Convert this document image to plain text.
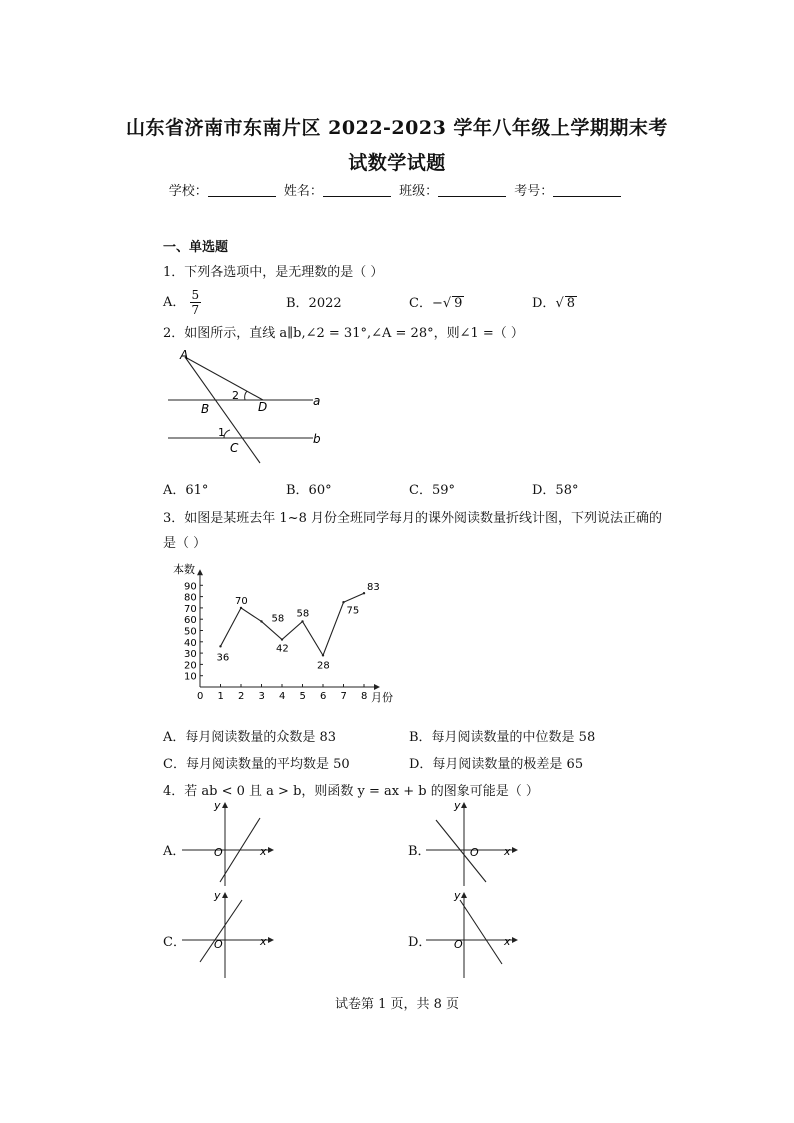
山东省济南市东南片区 2022-2023 学年八年级上学期期末考
试数学试题
学校：	姓名：	班级：	考号：
一、单选题
1．下列各选项中，是无理数的是（ ）
A． $\frac{5}{7}$	B．2022	C．−√ 9	D．√ 8
2．如图所示，直线 a∥b,∠2 = 31°,∠A = 28°，则∠1 =（ ）
A
B
C
D	a
b
2
1
A．61°	B．60°	C．59°	D．58°
3．如图是某班去年 1~8 月份全班同学每月的课外阅读数量折线计图，下列说法正确的
是（ ）
0 1 2 3 4 5 6 7 8
10
20
30
40
50
60
70
80
90
36
70
58
42
58
28
75
83
本数
月份
A．每月阅读数量的众数是 83	B．每月阅读数量的中位数是 58
C．每月阅读数量的平均数是 50	D．每月阅读数量的极差是 65
4．若 ab < 0 且 a > b，则函数 y = ax + b 的图象可能是（ ）
A．	B．
C．	D．
x
y
O	x
y
O
x
y
O	x
y
O
试卷第 1 页，共 8 页
